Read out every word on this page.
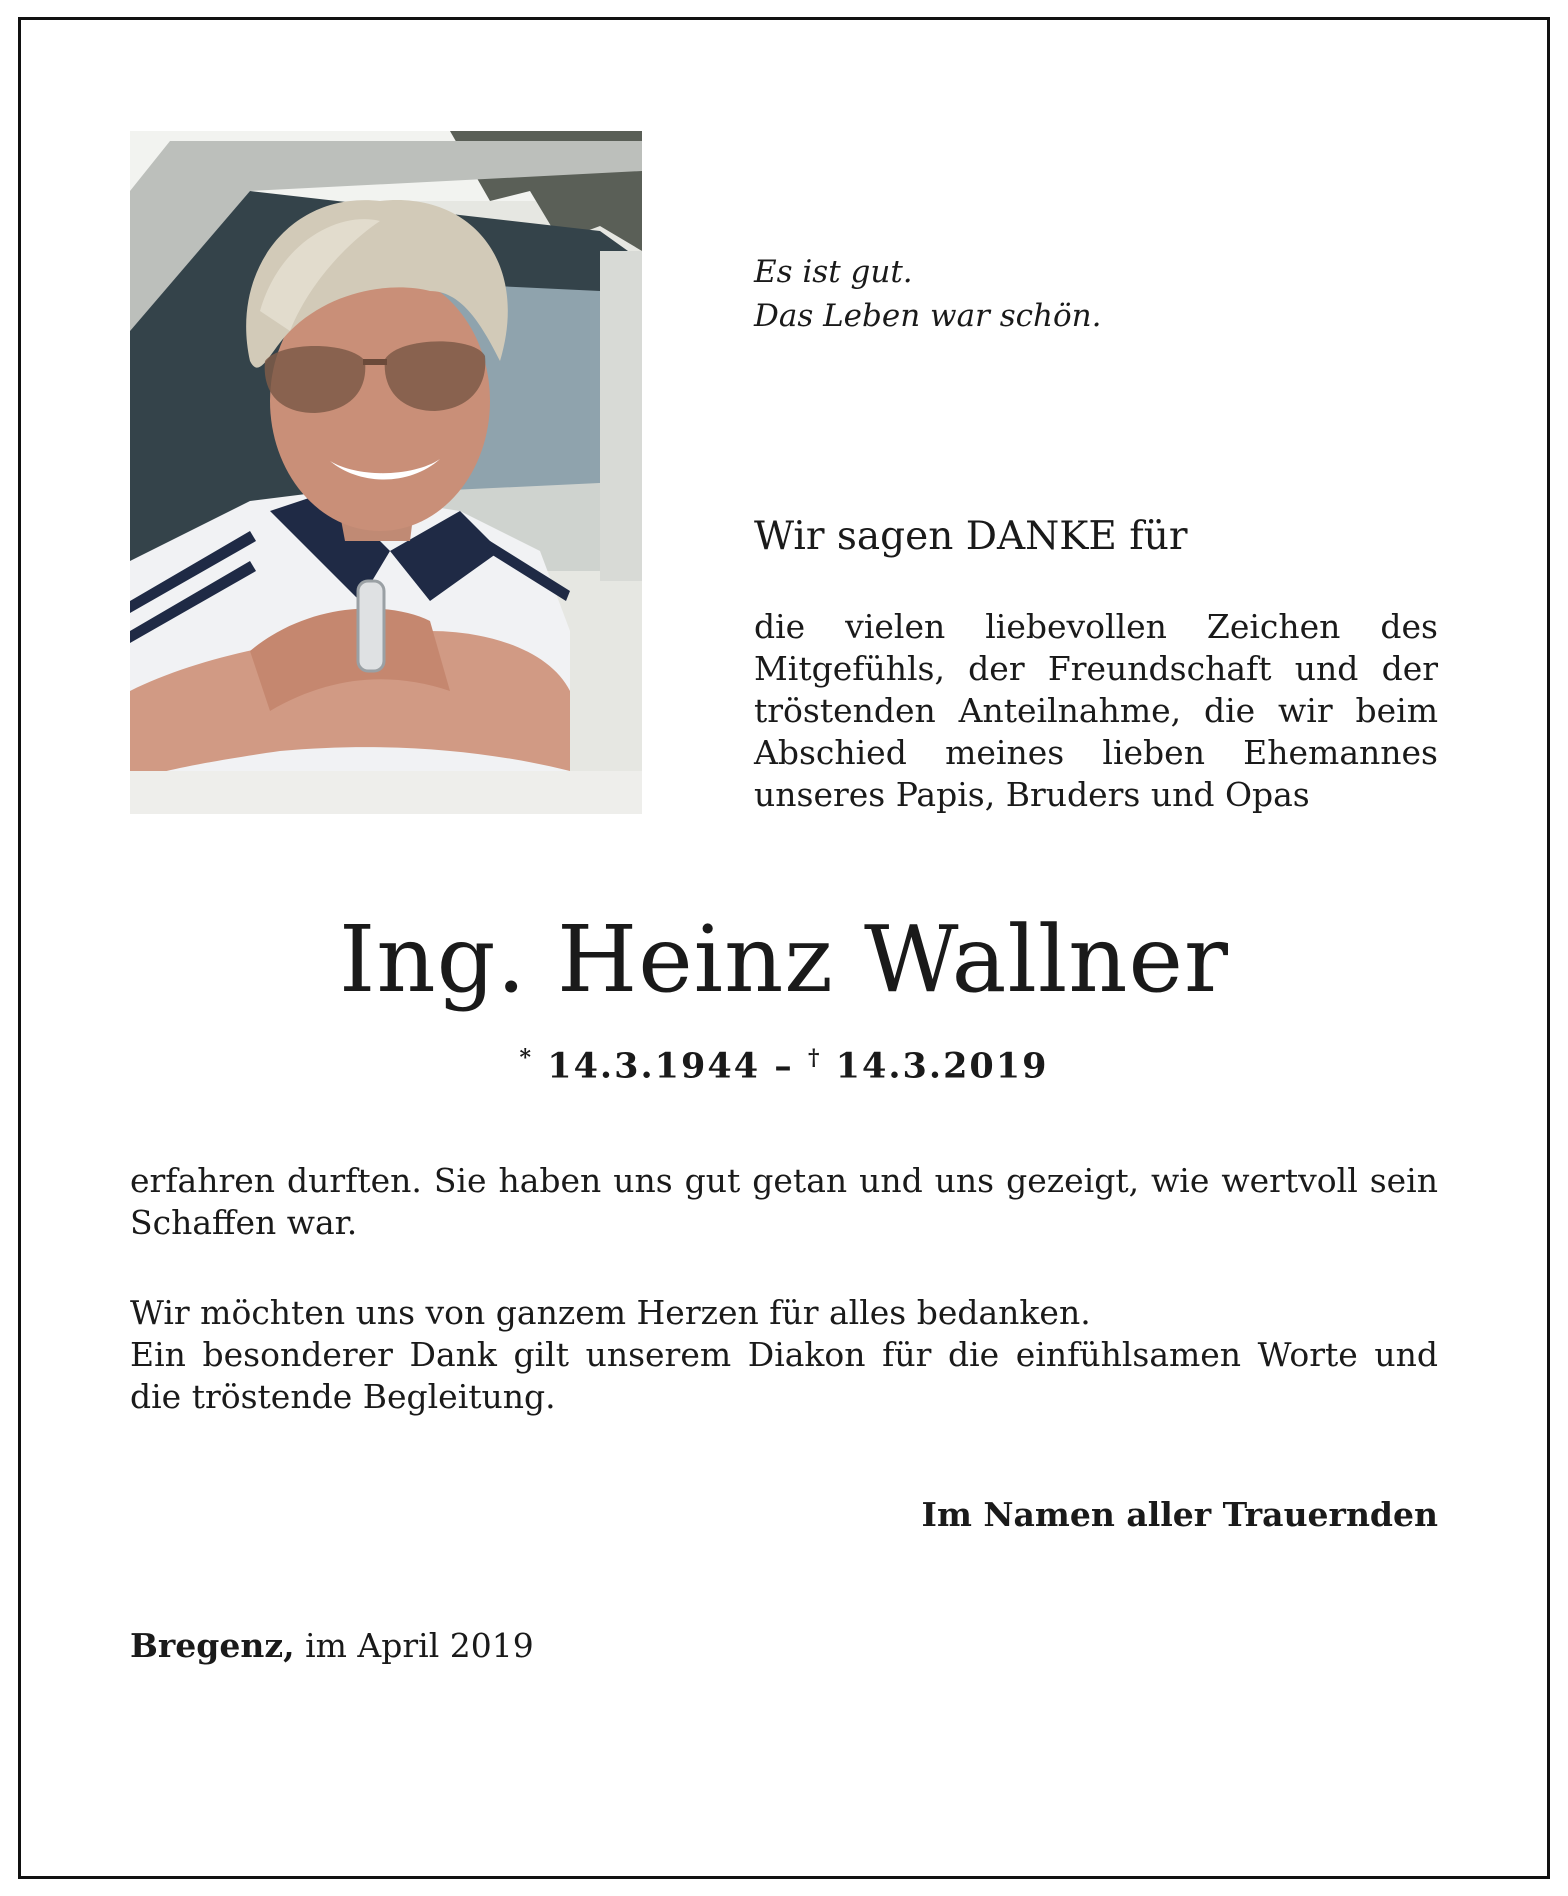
Es ist gut.
Das Leben war schön.
Wir sagen DANKE für
die vielen liebevollen Zeichen des
Mitgefühls, der Freundschaft und der
tröstenden Anteilnahme, die wir beim
Abschied meines lieben Ehemannes
unseres Papis, Bruders und Opas
Ing. Heinz Wallner
* 14.3.1944 – † 14.3.2019
erfahren durften. Sie haben uns gut getan und uns gezeigt, wie wertvoll sein
Schaffen war.
Wir möchten uns von ganzem Herzen für alles bedanken.
Ein besonderer Dank gilt unserem Diakon für die einfühlsamen Worte und
die tröstende Begleitung.
Im Namen aller Trauernden
Bregenz, im April 2019
